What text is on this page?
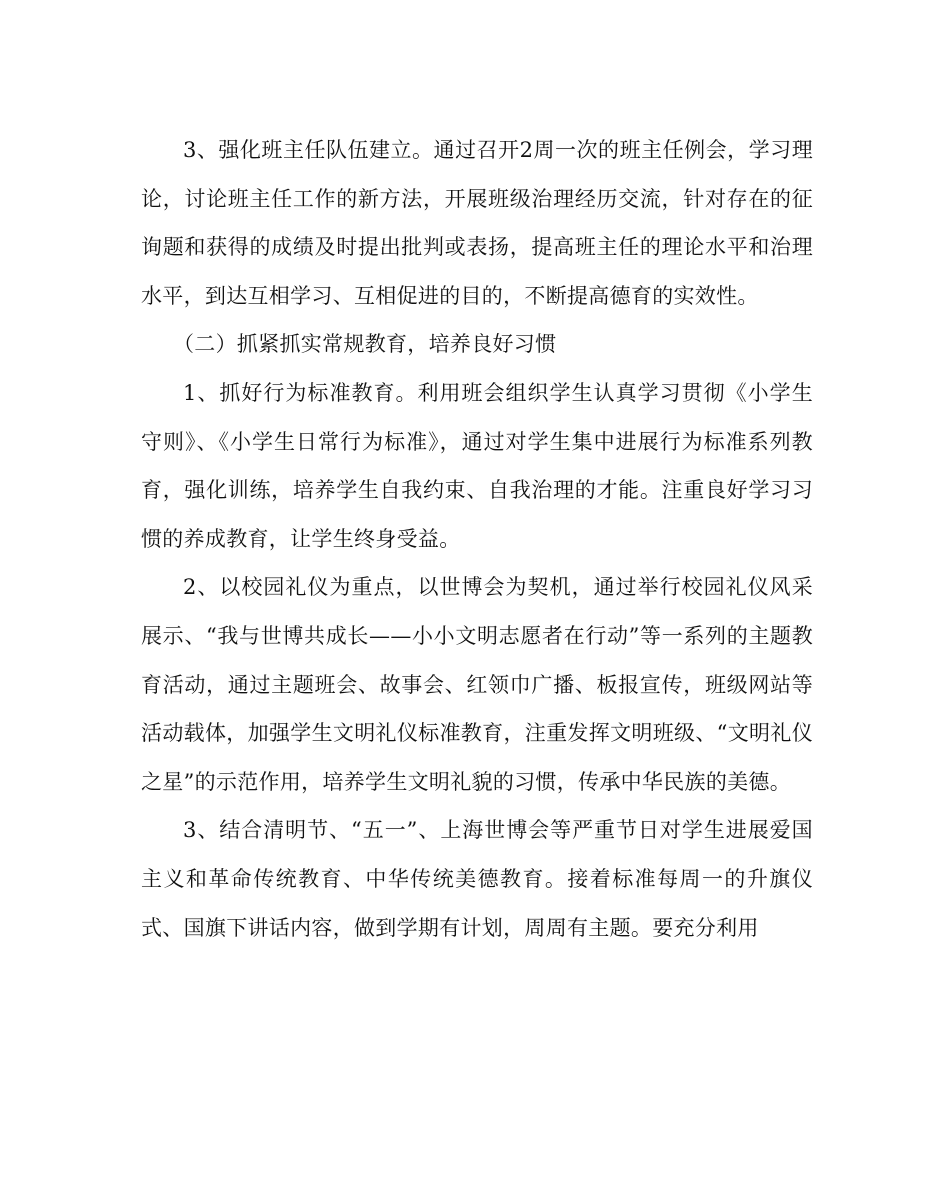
3、强化班主任队伍建立。通过召开2周一次的班主任例会，学习理论，讨论班主任工作的新方法，开展班级治理经历交流，针对存在的征询题和获得的成绩及时提出批判或表扬，提高班主任的理论水平和治理水平，到达互相学习、互相促进的目的，不断提高德育的实效性。

（二）抓紧抓实常规教育，培养良好习惯

1、抓好行为标准教育。利用班会组织学生认真学习贯彻《小学生守则》、《小学生日常行为标准》，通过对学生集中进展行为标准系列教育，强化训练，培养学生自我约束、自我治理的才能。注重良好学习习惯的养成教育，让学生终身受益。

2、以校园礼仪为重点，以世博会为契机，通过举行校园礼仪风采展示、“我与世博共成长——小小文明志愿者在行动”等一系列的主题教育活动，通过主题班会、故事会、红领巾广播、板报宣传，班级网站等活动载体，加强学生文明礼仪标准教育，注重发挥文明班级、“文明礼仪之星”的示范作用，培养学生文明礼貌的习惯，传承中华民族的美德。

3、结合清明节、“五一”、上海世博会等严重节日对学生进展爱国主义和革命传统教育、中华传统美德教育。接着标准每周一的升旗仪式、国旗下讲话内容，做到学期有计划，周周有主题。要充分利用
